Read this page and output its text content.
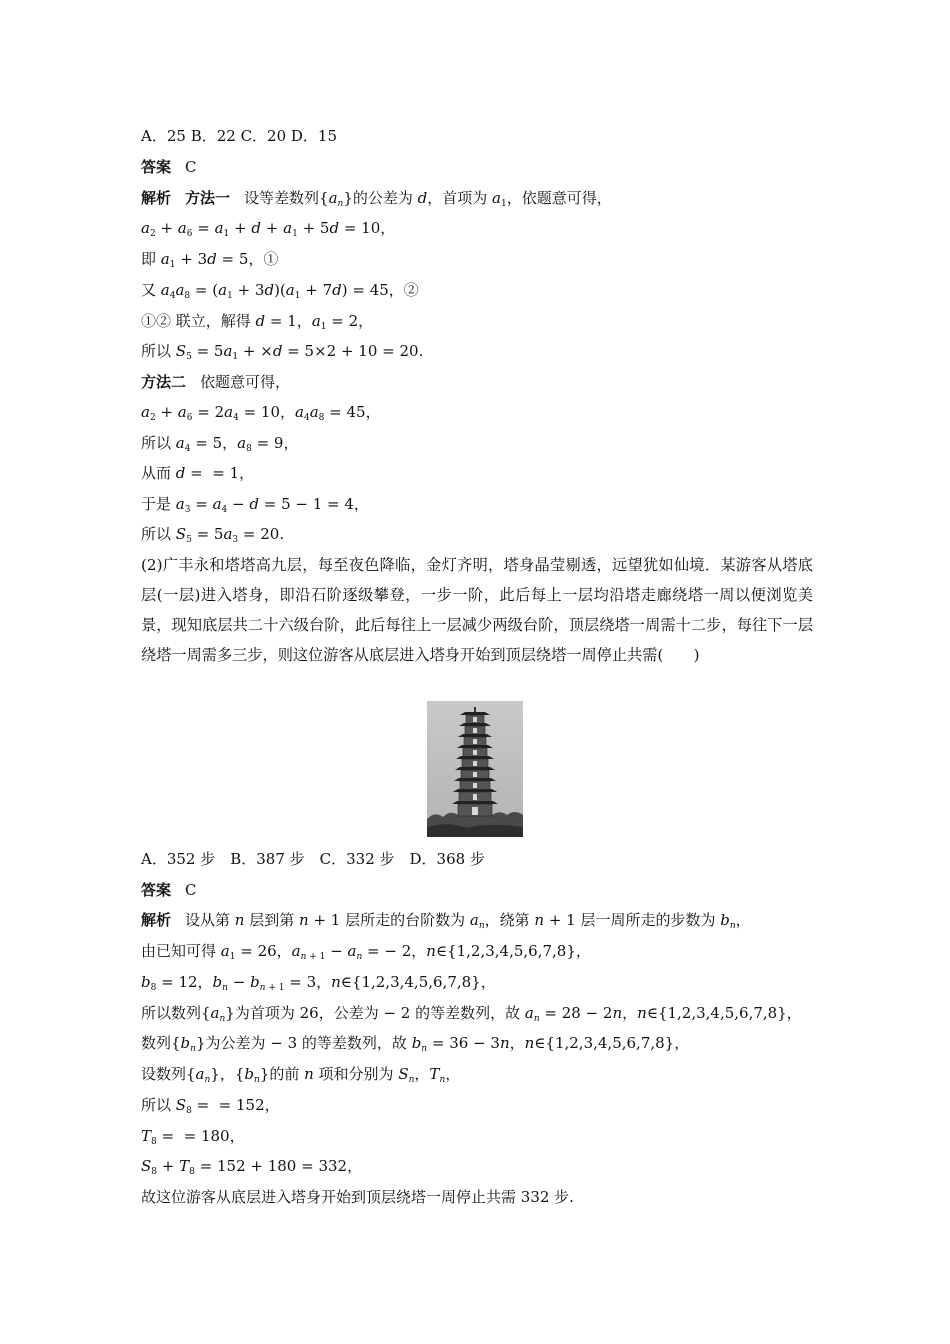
A．25 B．22 C．20 D．15
答案 C
解析 方法一 设等差数列$\{a_n\}$的公差为 d，首项为 $a_1$，依题意可得，
$a_2 + a_6 = a_1 + d + a_1 + 5d = 10$，
即 $a_1 + 3d = 5$，①
又 $a_4a_8 = (a_1 + 3d)(a_1 + 7d) = 45$，②
①② 联立，解得 d = 1，$a_1 = 2$，
所以 $S_5 = 5a_1 + \times d = 5\times 2 + 10 = 20$.
方法二 依题意可得，
$a_2 + a_6 = 2a_4 = 10$，$a_4a_8 = 45$，
所以 $a_4 = 5$，$a_8 = 9$，
从而 d =  = 1，
于是 $a_3 = a_4 - d = 5 - 1 = 4$，
所以 $S_5 = 5a_3 = 20$.
(2)广丰永和塔塔高九层，每至夜色降临，金灯齐明，塔身晶莹剔透，远望犹如仙境．某游客从塔底层(一层)进入塔身，即沿石阶逐级攀登，一步一阶，此后每上一层均沿塔走廊绕塔一周以便浏览美景，现知底层共二十六级台阶，此后每往上一层减少两级台阶，顶层绕塔一周需十二步，每往下一层绕塔一周需多三步，则这位游客从底层进入塔身开始到顶层绕塔一周停止共需(　　)
A．352 步　B．387 步　C．332 步　D．368 步
答案 C
解析 设从第 n 层到第 n + 1 层所走的台阶数为 $a_n$，绕第 n + 1 层一周所走的步数为 $b_n$，
由已知可得 $a_1 = 26$，$a_{n + 1} - a_n$ = − 2，n∈{1,2,3,4,5,6,7,8}，
$b_8 = 12$，$b_n - b_{n + 1} = 3$，n∈{1,2,3,4,5,6,7,8}，
所以数列$\{a_n\}$为首项为 26，公差为 − 2 的等差数列，故 $a_n = 28 - 2n$，n∈{1,2,3,4,5,6,7,8}，
数列$\{b_n\}$为公差为 − 3 的等差数列，故 $b_n = 36 - 3n$，n∈{1,2,3,4,5,6,7,8}，
设数列$\{a_n\}$，$\{b_n\}$的前 n 项和分别为 $S_n$，$T_n$，
所以 $S_8$ =  = 152，
$T_8$ =  = 180，
$S_8 + T_8 = 152 + 180 = 332$，
故这位游客从底层进入塔身开始到顶层绕塔一周停止共需 332 步.
